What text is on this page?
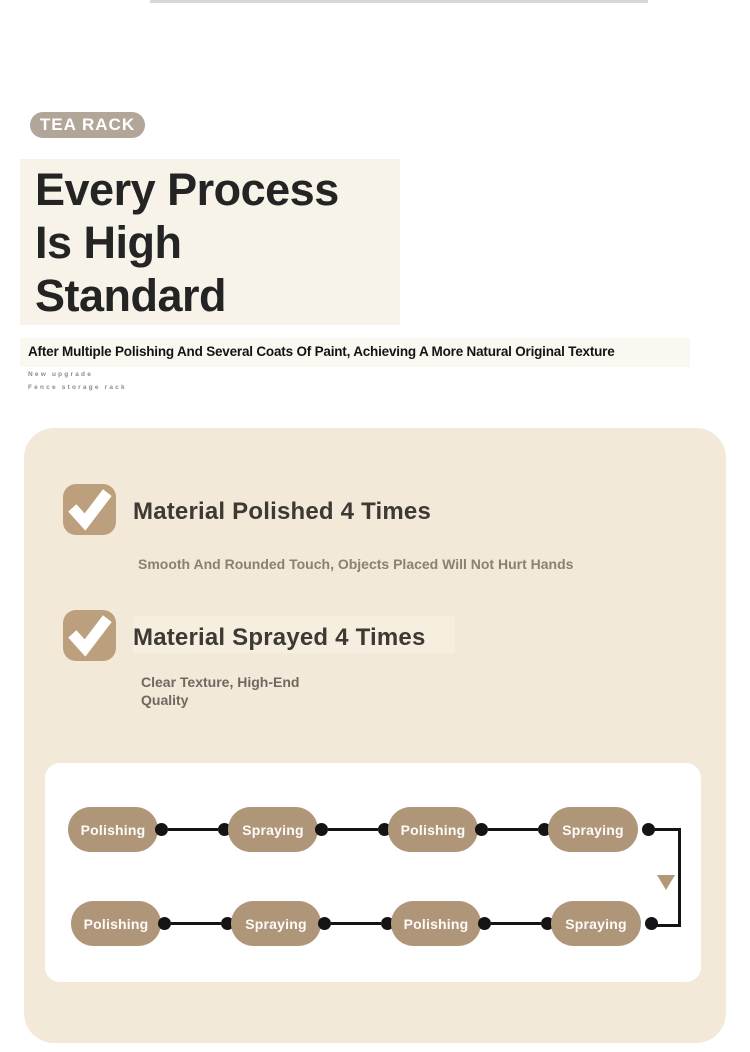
TEA RACK
Every Process
Is High
Standard
After Multiple Polishing And Several Coats Of Paint, Achieving A More Natural Original Texture
New upgrade
Fence storage rack
Material Polished 4 Times
Smooth And Rounded Touch, Objects Placed Will Not Hurt Hands
Material Sprayed 4 Times
Clear Texture, High-End Quality
Polishing	Spraying	Polishing	Spraying
Polishing	Spraying	Polishing	Spraying
